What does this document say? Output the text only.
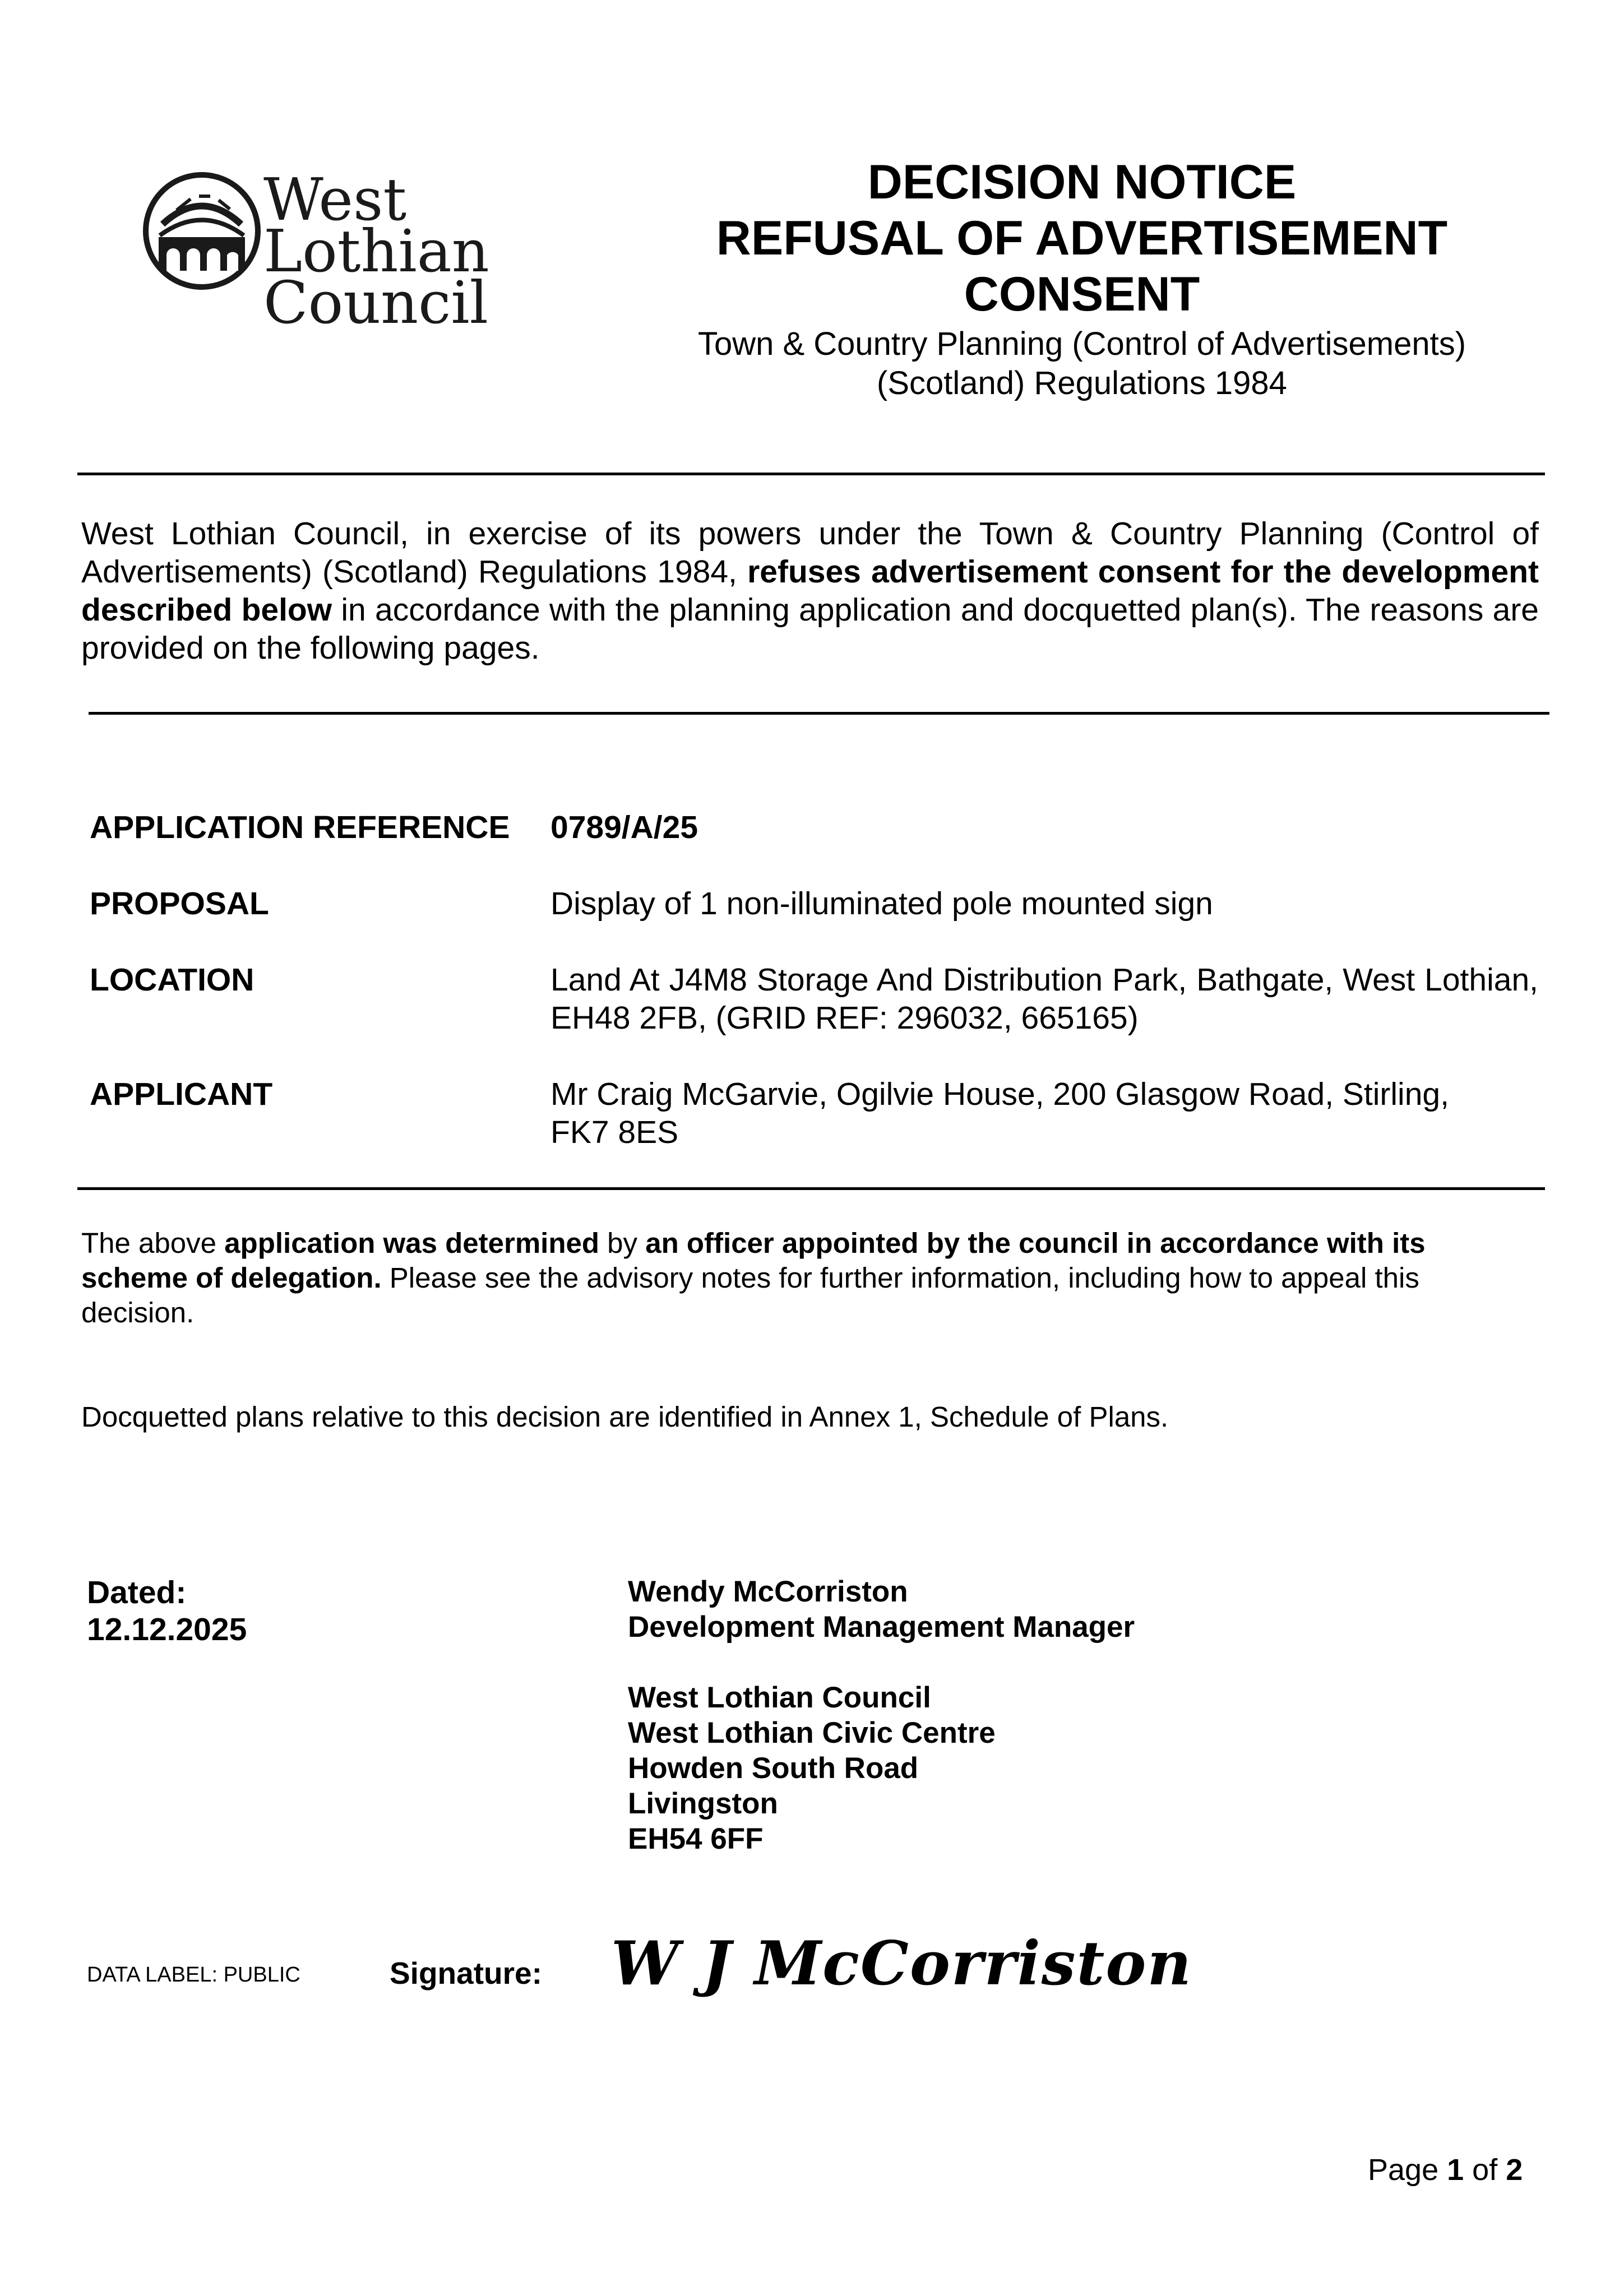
West Lothian
Council
DECISION NOTICE
REFUSAL OF ADVERTISEMENT
CONSENT
Town & Country Planning (Control of Advertisements)
(Scotland) Regulations 1984
West Lothian Council, in exercise of its powers under the Town & Country Planning (Control of Advertisements) (Scotland) Regulations 1984, refuses advertisement consent for the development described below in accordance with the planning application and docquetted plan(s). The reasons are provided on the following pages.
APPLICATION REFERENCE 0789/A/25
PROPOSAL	Display of 1 non-illuminated pole mounted sign
LOCATION	Land At J4M8 Storage And Distribution Park, Bathgate, West Lothian, EH48 2FB, (GRID REF: 296032, 665165)
APPLICANT	Mr Craig McGarvie, Ogilvie House, 200 Glasgow Road, Stirling, FK7 8ES
The above application was determined by an officer appointed by the council in accordance with its scheme of delegation. Please see the advisory notes for further information, including how to appeal this decision.
Docquetted plans relative to this decision are identified in Annex 1, Schedule of Plans.
Dated:
12.12.2025
Wendy McCorriston
Development Management Manager
West Lothian Council
West Lothian Civic Centre
Howden South Road
Livingston
EH54 6FF
DATA LABEL: PUBLIC	Signature: W J McCorriston
Page 1 of 2
